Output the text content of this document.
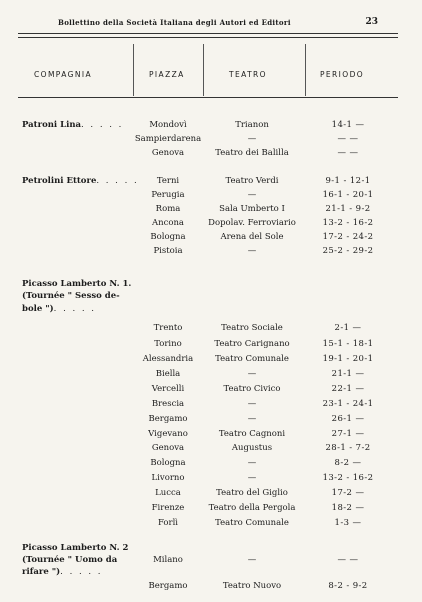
Bollettino della Società Italiana degli Autori ed Editori	23
COMPAGNIA	PIAZZA	TEATRO	PERIODO
Patroni Lina. . . . .	Mondovì	Trianon	14-1 —
Sampierdarena	—	— —
Genova	Teatro dei Balilla	— —
Petrolini Ettore. . . . .	Terni	Teatro Verdi	9-1 - 12-1
Perugia	—	16-1 - 20-1
Roma	Sala Umberto I	21-1 - 9-2
Ancona	Dopolav. Ferroviario	13-2 - 16-2
Bologna	Arena del Sole	17-2 - 24-2
Pistoia	—	25-2 - 29-2
Picasso Lamberto N. 1.
(Tournée " Sesso de-
bole "). . . . .
Trento	Teatro Sociale	2-1 —
Torino	Teatro Carignano	15-1 - 18-1
Alessandria	Teatro Comunale	19-1 - 20-1
Biella	—	21-1 —
Vercelli	Teatro Civico	22-1 —
Brescia	—	23-1 - 24-1
Bergamo	—	26-1 —
Vigevano	Teatro Cagnoni	27-1 —
Genova	Augustus	28-1 - 7-2
Bologna	—	8-2 —
Livorno	—	13-2 - 16-2
Lucca	Teatro del Giglio	17-2 —
Firenze	Teatro della Pergola	18-2 —
Forlì	Teatro Comunale	1-3 —
Picasso Lamberto N. 2
(Tournée " Uomo da	Milano	—	— —
rifare "). . . . .
Bergamo	Teatro Nuovo	8-2 - 9-2
